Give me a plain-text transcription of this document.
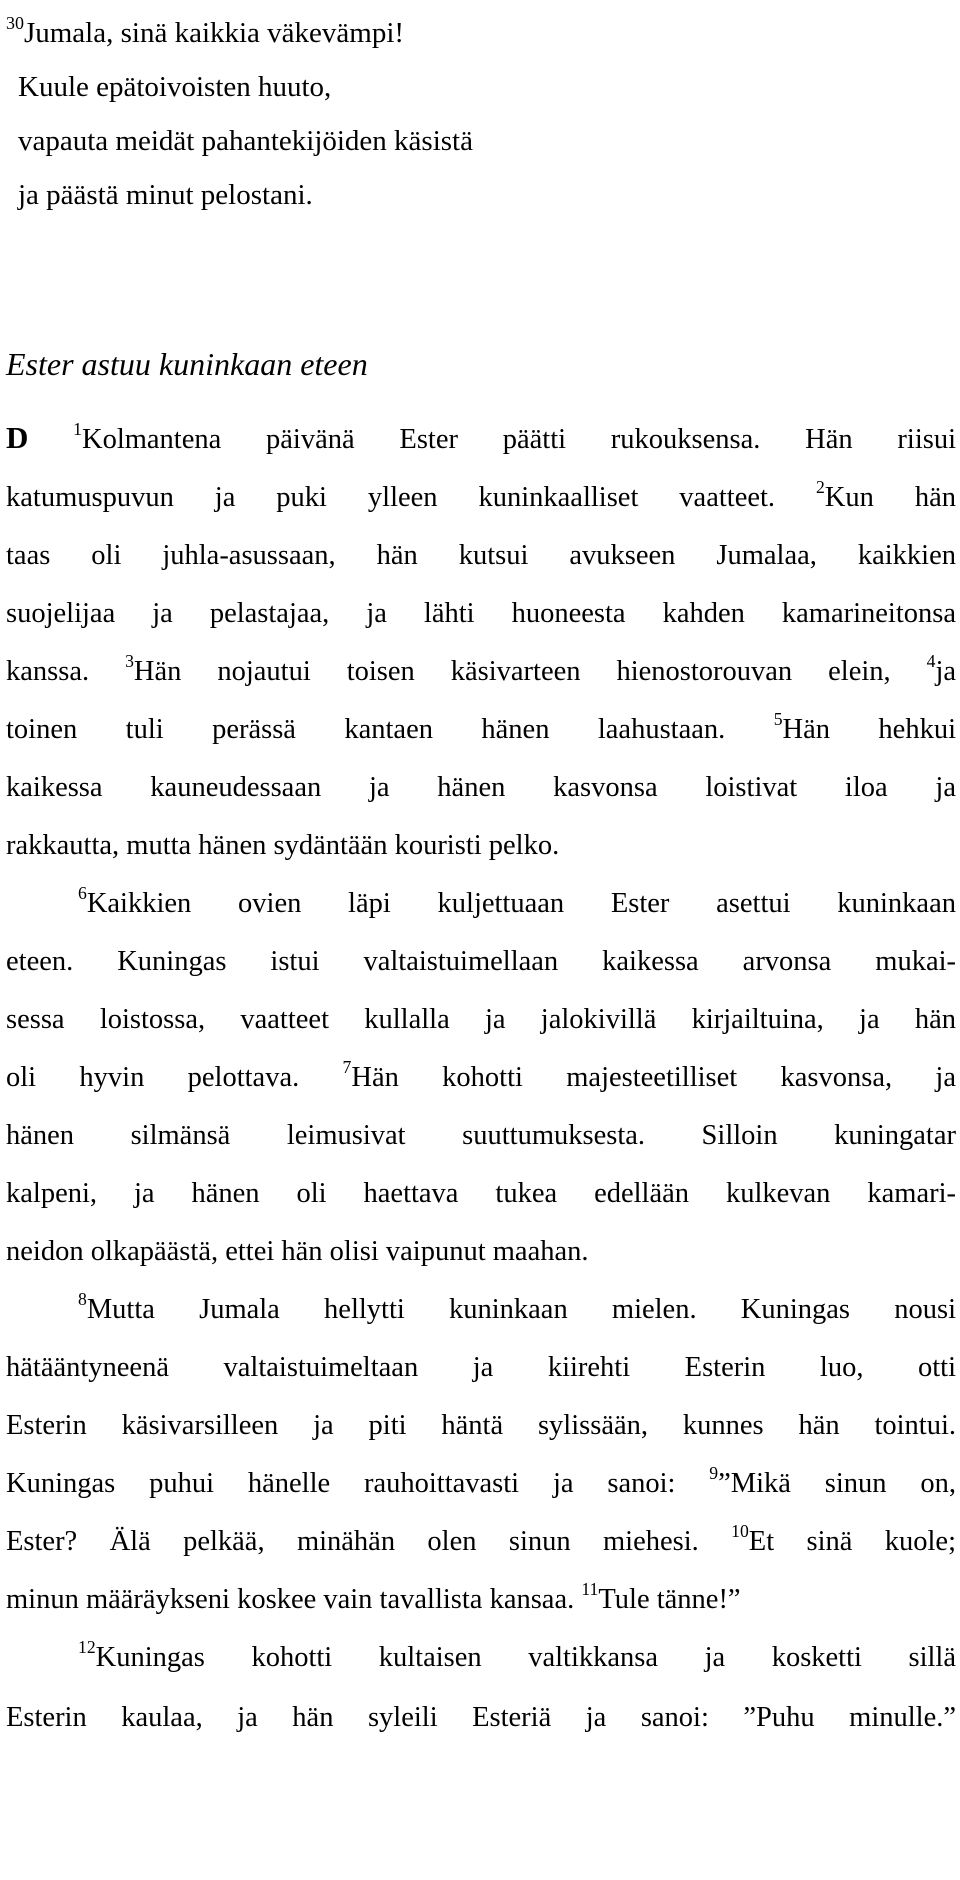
$^{30}$Jumala, sinä kaikkia väkevämpi!
Kuule epätoivoisten huuto,
vapauta meidät pahantekijöiden käsistä
ja päästä minut pelostani.
Ester astuu kuninkaan eteen
D	$^1$Kolmantena päivänä Ester päätti rukouksensa. Hän riisui
katumuspuvun ja puki ylleen kuninkaalliset vaatteet. $^2$Kun hän
taas oli juhla-asussaan, hän kutsui avukseen Jumalaa, kaikkien
suojelijaa ja pelastajaa, ja lähti huoneesta kahden kamarineitonsa
kanssa. $^3$Hän nojautui toisen käsivarteen hienostorouvan elein, $^4$ja
toinen tuli perässä kantaen hänen laahustaan.	$^5$Hän hehkui
kaikessa kauneudessaan ja hänen kasvonsa loistivat iloa ja
rakkautta, mutta hänen sydäntään kouristi pelko.
$^6$Kaikkien ovien läpi kuljettuaan Ester asettui kuninkaan
eteen. Kuningas istui valtaistuimellaan kaikessa arvonsa mukai-
sessa loistossa, vaatteet kullalla ja jalokivillä kirjailtuina, ja hän
oli hyvin pelottava. $^7$Hän kohotti majesteetilliset kasvonsa, ja
hänen silmänsä leimusivat suuttumuksesta. Silloin kuningatar
kalpeni, ja hänen oli haettava tukea edellään kulkevan kamari-
neidon olkapäästä, ettei hän olisi vaipunut maahan.
$^8$Mutta Jumala hellytti kuninkaan mielen. Kuningas nousi
hätääntyneenä valtaistuimeltaan ja kiirehti Esterin luo, otti
Esterin käsivarsilleen ja piti häntä sylissään, kunnes hän tointui.
Kuningas puhui hänelle rauhoittavasti ja sanoi: $^9$”Mikä sinun on,
Ester? Älä pelkää, minähän olen sinun miehesi. $^{10}$Et sinä kuole;
minun määräykseni koskee vain tavallista kansaa. $^{11}$Tule tänne!”
$^{12}$Kuningas kohotti kultaisen valtikkansa ja kosketti sillä
Esterin kaulaa, ja hän syleili Esteriä ja sanoi: ”Puhu minulle.”
